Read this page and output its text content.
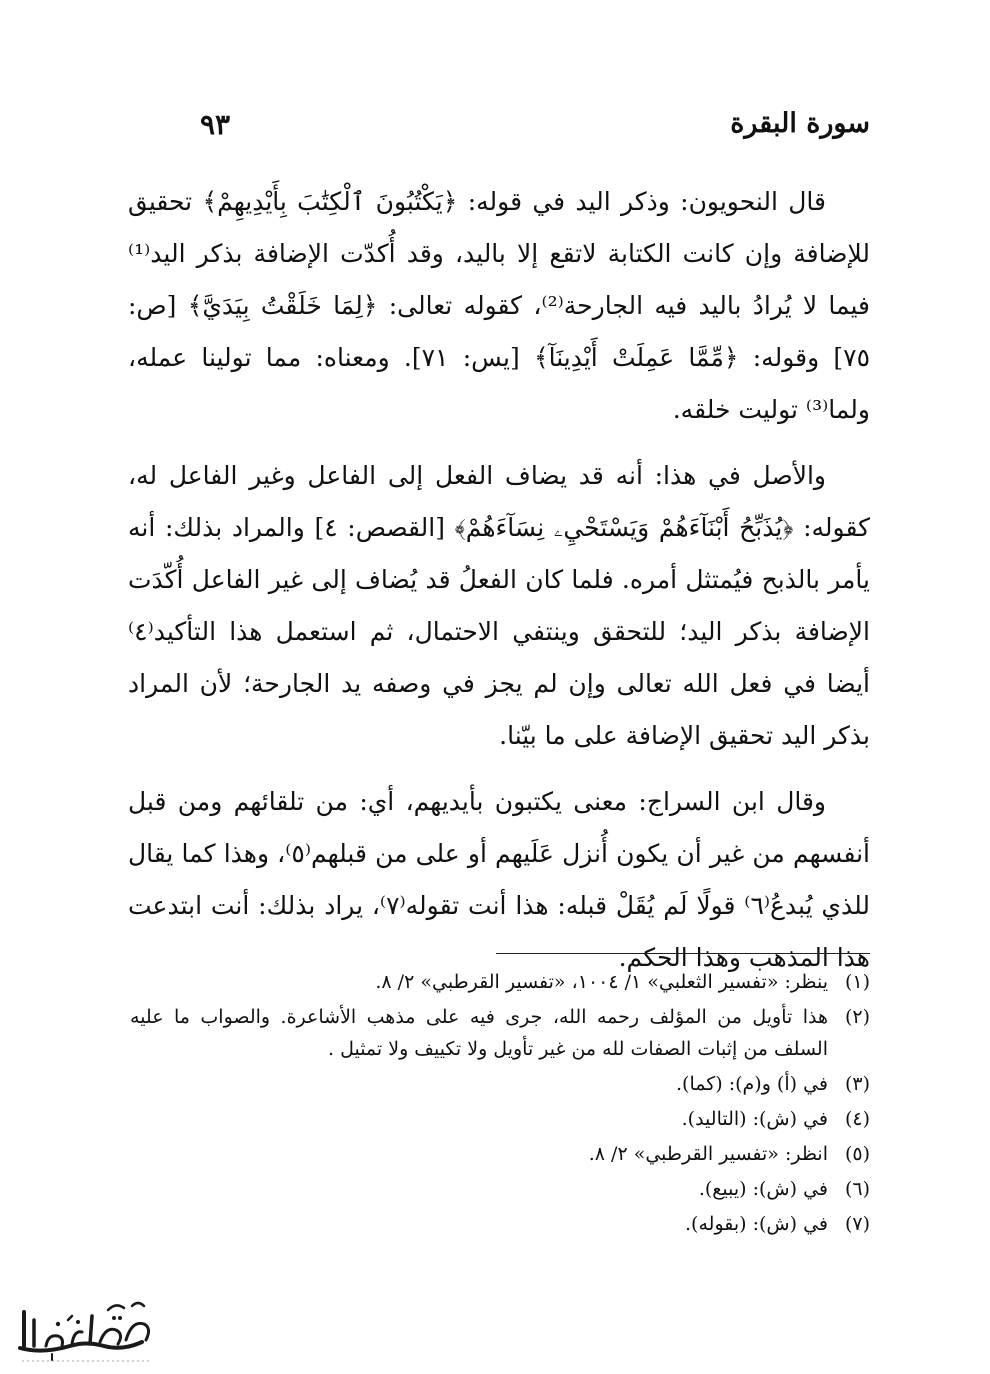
سورة البقرة
٩٣

قال النحويون: وذكر اليد في قوله: ﴿يَكْتُبُونَ ٱلْكِتَٰبَ بِأَيْدِيهِمْ﴾ تحقيق للإضافة وإن كانت الكتابة لاتقع إلا باليد، وقد أُكدّت الإضافة بذكر اليد⁽¹⁾ فيما لا يُرادُ باليد فيه الجارحة⁽²⁾، كقوله تعالى: ﴿لِمَا خَلَقْتُ بِيَدَيَّ﴾ [ص: ٧٥] وقوله: ﴿مِّمَّا عَمِلَتْ أَيْدِينَآ﴾ [يس: ٧١]. ومعناه: مما تولينا عمله، ولما⁽³⁾ توليت خلقه.

والأصل في هذا: أنه قد يضاف الفعل إلى الفاعل وغير الفاعل له، كقوله: ﴿يُذَبِّحُ أَبْنَآءَهُمْ وَيَسْتَحْيِۦ نِسَآءَهُمْ﴾ [القصص: ٤] والمراد بذلك: أنه يأمر بالذبح فيُمتثل أمره. فلما كان الفعلُ قد يُضاف إلى غير الفاعل أُكّدَت الإضافة بذكر اليد؛ للتحقق وينتفي الاحتمال، ثم استعمل هذا التأكيد⁽٤⁾ أيضا في فعل الله تعالى وإن لم يجز في وصفه يد الجارحة؛ لأن المراد بذكر اليد تحقيق الإضافة على ما بيّنا.

وقال ابن السراج: معنى يكتبون بأيديهم، أي: من تلقائهم ومن قبل أنفسهم من غير أن يكون أُنزل عَلَيهم أو على من قبلهم⁽٥⁾، وهذا كما يقال للذي يُبدعُ⁽٦⁾ قولًا لَم يُقَلْ قبله: هذا أنت تقوله⁽٧⁾، يراد بذلك: أنت ابتدعت هذا المذهب وهذا الحكم.

(١)
ينظر: «تفسير الثعلبي» ١/ ١٠٠٤، «تفسير القرطبي» ٢/ ٨.
(٢)
هذا تأويل من المؤلف رحمه الله، جرى فيه على مذهب الأشاعرة. والصواب ما عليه السلف من إثبات الصفات لله من غير تأويل ولا تكييف ولا تمثيل .
(٣)
في (أ) و(م): (كما).
(٤)
في (ش): (التاليد).
(٥)
انظر: «تفسير القرطبي» ٢/ ٨.
(٦)
في (ش): (يبيع).
(٧)
في (ش): (بقوله).
